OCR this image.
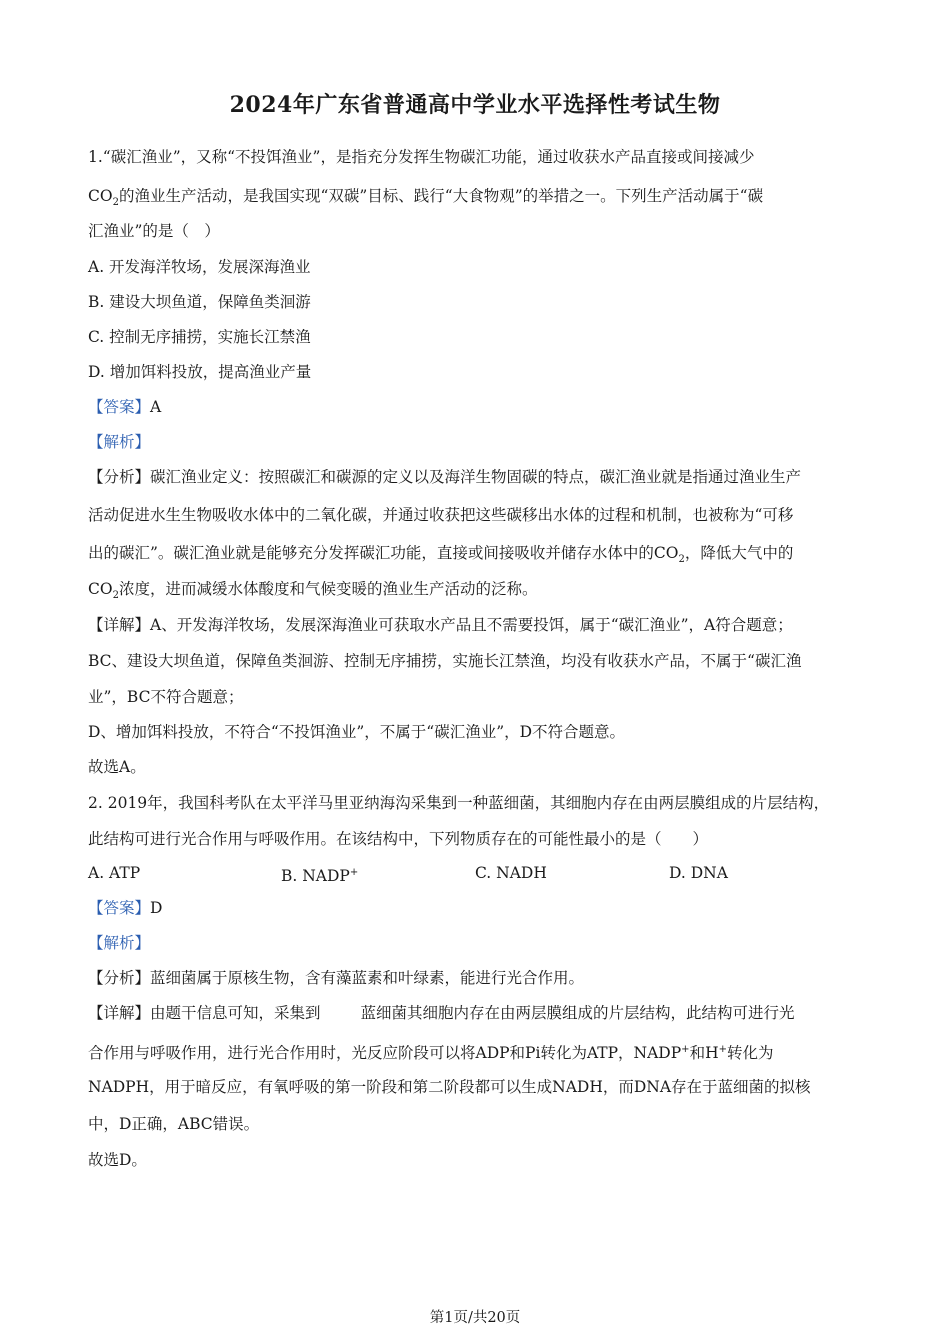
2024年广东省普通高中学业水平选择性考试生物
1.“碳汇渔业”，又称“不投饵渔业”，是指充分发挥生物碳汇功能，通过收获水产品直接或间接减少
$CO_2$的渔业生产活动，是我国实现“双碳”目标、践行“大食物观”的举措之一。下列生产活动属于“碳
汇渔业”的是（　）
A. 开发海洋牧场，发展深海渔业
B. 建设大坝鱼道，保障鱼类洄游
C. 控制无序捕捞，实施长江禁渔
D. 增加饵料投放，提高渔业产量
【答案】A
【解析】
【分析】碳汇渔业定义：按照碳汇和碳源的定义以及海洋生物固碳的特点，碳汇渔业就是指通过渔业生产
活动促进水生生物吸收水体中的二氧化碳，并通过收获把这些碳移出水体的过程和机制，也被称为“可移
出的碳汇”。碳汇渔业就是能够充分发挥碳汇功能，直接或间接吸收并储存水体中的$CO_2$，降低大气中的
$CO_2$浓度，进而减缓水体酸度和气候变暖的渔业生产活动的泛称。
【详解】A、开发海洋牧场，发展深海渔业可获取水产品且不需要投饵，属于“碳汇渔业”，A符合题意；
BC、建设大坝鱼道，保障鱼类洄游、控制无序捕捞，实施长江禁渔，均没有收获水产品，不属于“碳汇渔
业”，BC不符合题意；
D、增加饵料投放，不符合“不投饵渔业”，不属于“碳汇渔业”，D不符合题意。
故选A。
2. 2019年，我国科考队在太平洋马里亚纳海沟采集到一种蓝细菌，其细胞内存在由两层膜组成的片层结构，
此结构可进行光合作用与呼吸作用。在该结构中，下列物质存在的可能性最小的是（　　）
A. ATP	B. NADP+	C. NADH	D. DNA
【答案】D
【解析】
【分析】蓝细菌属于原核生物，含有藻蓝素和叶绿素，能进行光合作用。
【详解】由题干信息可知，采集到	蓝细菌其细胞内存在由两层膜组成的片层结构，此结构可进行光
合作用与呼吸作用，进行光合作用时，光反应阶段可以将ADP和Pi转化为ATP，NADP+和H+转化为
NADPH，用于暗反应，有氧呼吸的第一阶段和第二阶段都可以生成NADH，而DNA存在于蓝细菌的拟核
中，D正确，ABC错误。
故选D。
第1页/共20页
